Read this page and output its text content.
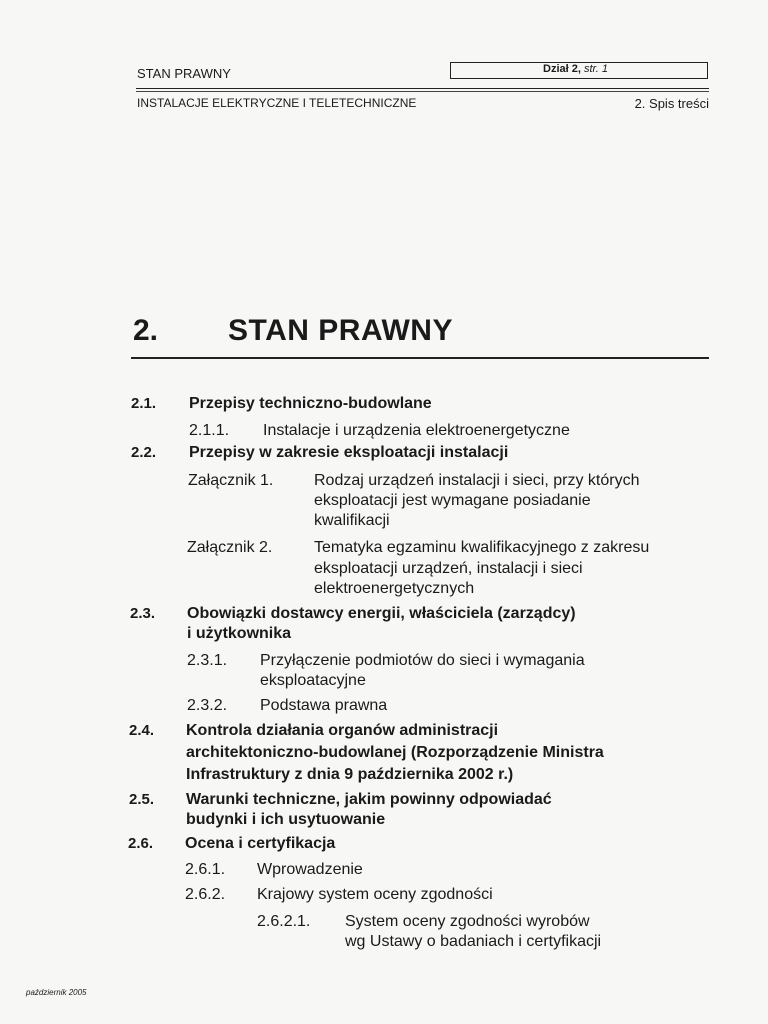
STAN PRAWNY	Dział 2, str. 1
INSTALACJE ELEKTRYCZNE I TELETECHNICZNE	2. Spis treści
2. STAN PRAWNY
2.1. Przepisy techniczno-budowlane
2.1.1. Instalacje i urządzenia elektroenergetyczne
2.2. Przepisy w zakresie eksploatacji instalacji
Załącznik 1.	Rodzaj urządzeń instalacji i sieci, przy których
eksploatacji jest wymagane posiadanie
kwalifikacji
Załącznik 2.	Tematyka egzaminu kwalifikacyjnego z zakresu
eksploatacji urządzeń, instalacji i sieci
elektroenergetycznych
2.3. Obowiązki dostawcy energii, właściciela (zarządcy)
i użytkownika
2.3.1. Przyłączenie podmiotów do sieci i wymagania
eksploatacyjne
2.3.2. Podstawa prawna
2.4. Kontrola działania organów administracji
architektoniczno-budowlanej (Rozporządzenie Ministra
Infrastruktury z dnia 9 października 2002 r.)
2.5. Warunki techniczne, jakim powinny odpowiadać
budynki i ich usytuowanie
2.6. Ocena i certyfikacja
2.6.1. Wprowadzenie
2.6.2. Krajowy system oceny zgodności
2.6.2.1. System oceny zgodności wyrobów
wg Ustawy o badaniach i certyfikacji
październik 2005
